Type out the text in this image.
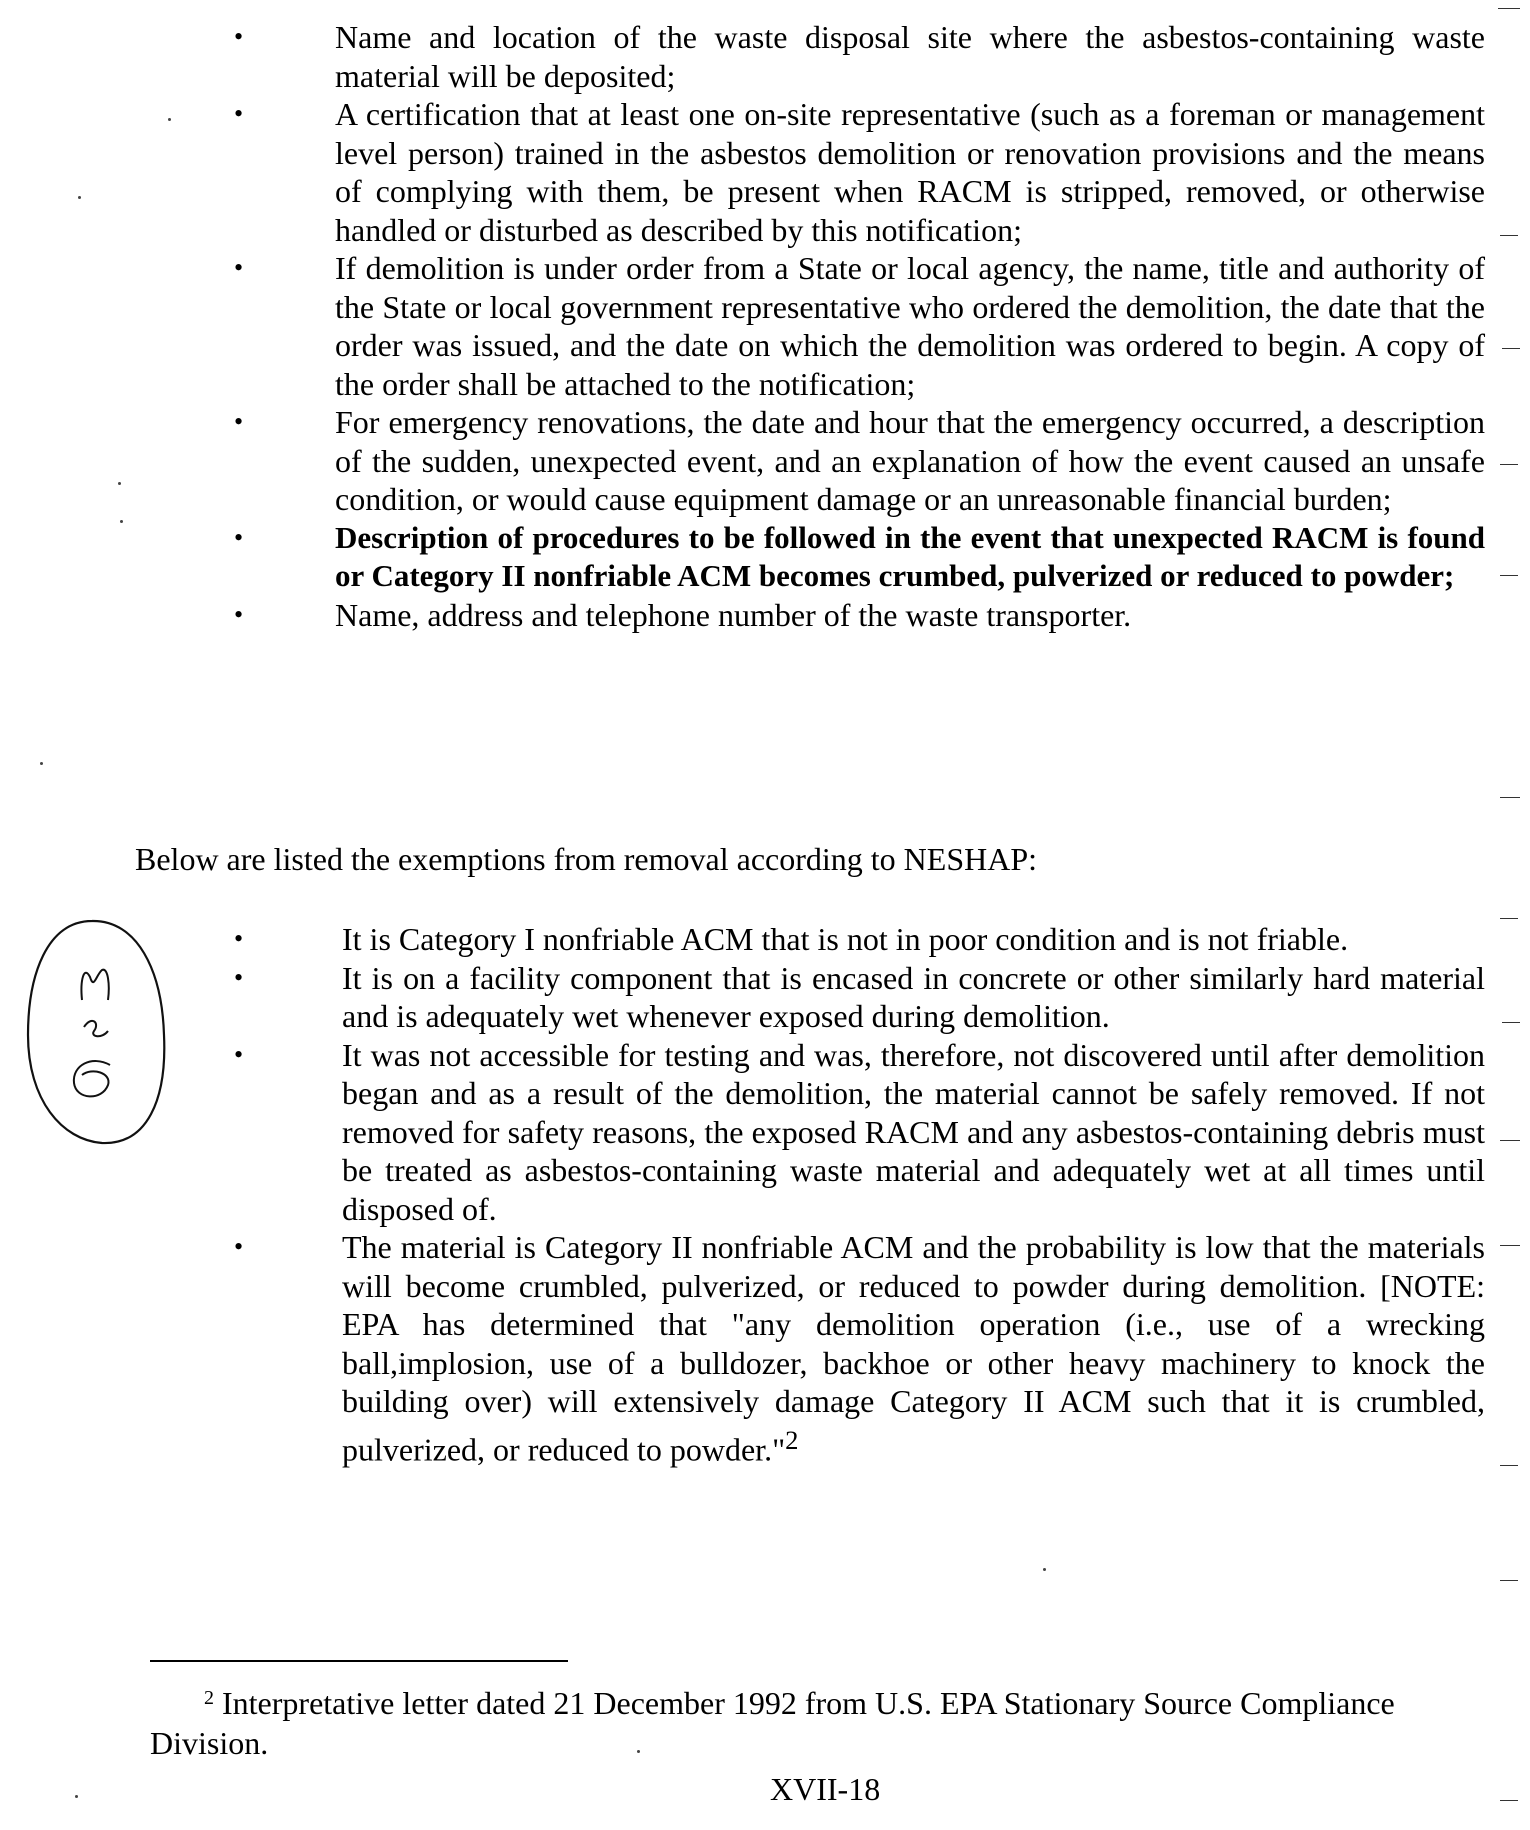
•	Name and location of the waste disposal site where the asbestos-containing waste material will be deposited;
•	A certification that at least one on-site representative (such as a foreman or management level person) trained in the asbestos demolition or renovation provisions and the means of complying with them, be present when RACM is stripped, removed, or otherwise handled or disturbed as described by this notification;
•	If demolition is under order from a State or local agency, the name, title and authority of the State or local government representative who ordered the demolition, the date that the order was issued, and the date on which the demolition was ordered to begin. A copy of the order shall be attached to the notification;
•	For emergency renovations, the date and hour that the emergency occurred, a description of the sudden, unexpected event, and an explanation of how the event caused an unsafe condition, or would cause equipment damage or an unreasonable financial burden;
•	Description of procedures to be followed in the event that unexpected RACM is found or Category II nonfriable ACM becomes crumbed, pulverized or reduced to powder;
•	Name, address and telephone number of the waste transporter.
Below are listed the exemptions from removal according to NESHAP:
•	It is Category I nonfriable ACM that is not in poor condition and is not friable.
•	It is on a facility component that is encased in concrete or other similarly hard material and is adequately wet whenever exposed during demolition.
•	It was not accessible for testing and was, therefore, not discovered until after demolition began and as a result of the demolition, the material cannot be safely removed. If not removed for safety reasons, the exposed RACM and any asbestos-containing debris must be treated as asbestos-containing waste material and adequately wet at all times until disposed of.
•	The material is Category II nonfriable ACM and the probability is low that the materials will become crumbled, pulverized, or reduced to powder during demolition. [NOTE: EPA has determined that "any demolition operation (i.e., use of a wrecking ball,implosion, use of a bulldozer, backhoe or other heavy machinery to knock the building over) will extensively damage Category II ACM such that it is crumbled, pulverized, or reduced to powder."$^2$
$^2$ Interpretative letter dated 21 December 1992 from U.S. EPA Stationary Source Compliance
Division.
XVII-18
